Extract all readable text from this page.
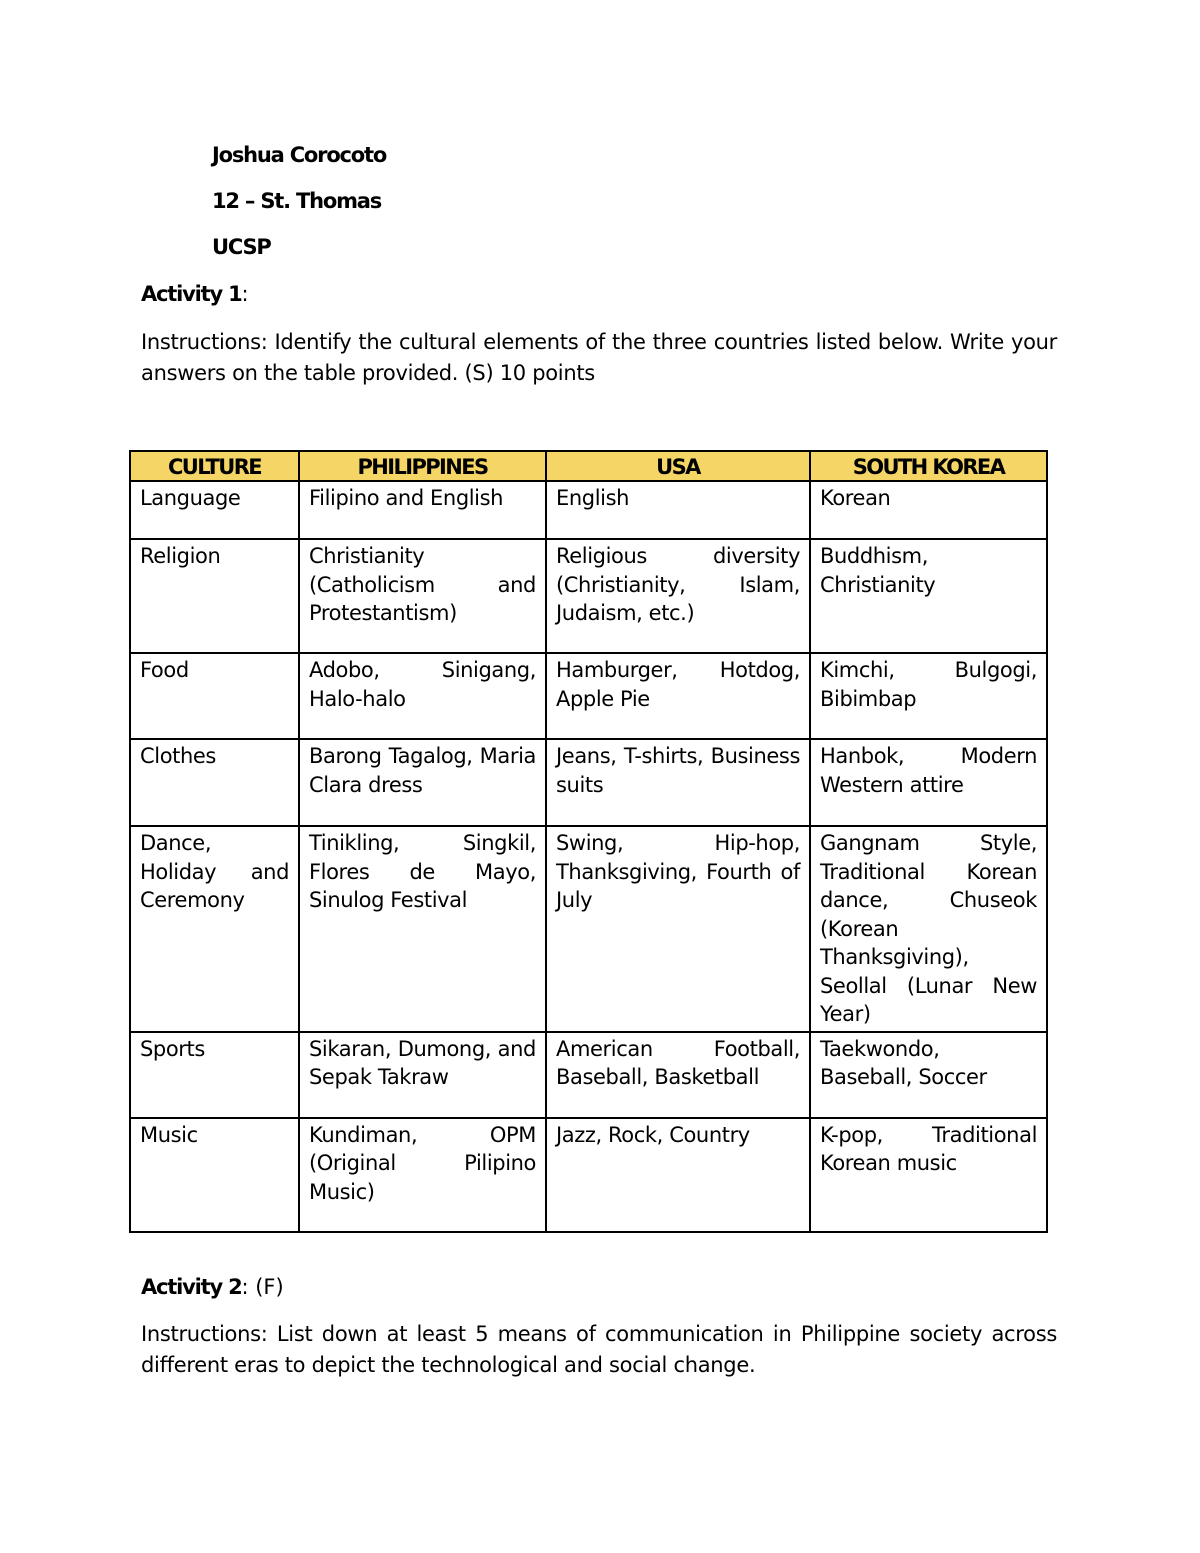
Joshua Corocoto
12 – St. Thomas
UCSP
Activity 1:
Instructions: Identify the cultural elements of the three countries listed below. Write your answers on the table provided. (S) 10 points
CULTURE	PHILIPPINES	USA	SOUTH KOREA
Language	Filipino and English	English	Korean
Religion	Christianity (Catholicism and Protestantism)	Religious diversity (Christianity, Islam, Judaism, etc.)	Buddhism, Christianity
Food	Adobo, Sinigang, Halo-halo	Hamburger, Hotdog, Apple Pie	Kimchi, Bulgogi, Bibimbap
Clothes	Barong Tagalog, Maria Clara dress	Jeans, T-shirts, Business suits	Hanbok, Modern Western attire
Dance, Holiday and Ceremony	Tinikling, Singkil, Flores de Mayo, Sinulog Festival	Swing, Hip-hop, Thanksgiving, Fourth of July	Gangnam Style, Traditional Korean dance, Chuseok (Korean Thanksgiving), Seollal (Lunar New Year)
Sports	Sikaran, Dumong, and Sepak Takraw	American Football, Baseball, Basketball	Taekwondo, Baseball, Soccer
Music	Kundiman, OPM (Original Pilipino Music)	Jazz, Rock, Country	K-pop, Traditional Korean music
Activity 2: (F)
Instructions: List down at least 5 means of communication in Philippine society across different eras to depict the technological and social change.
